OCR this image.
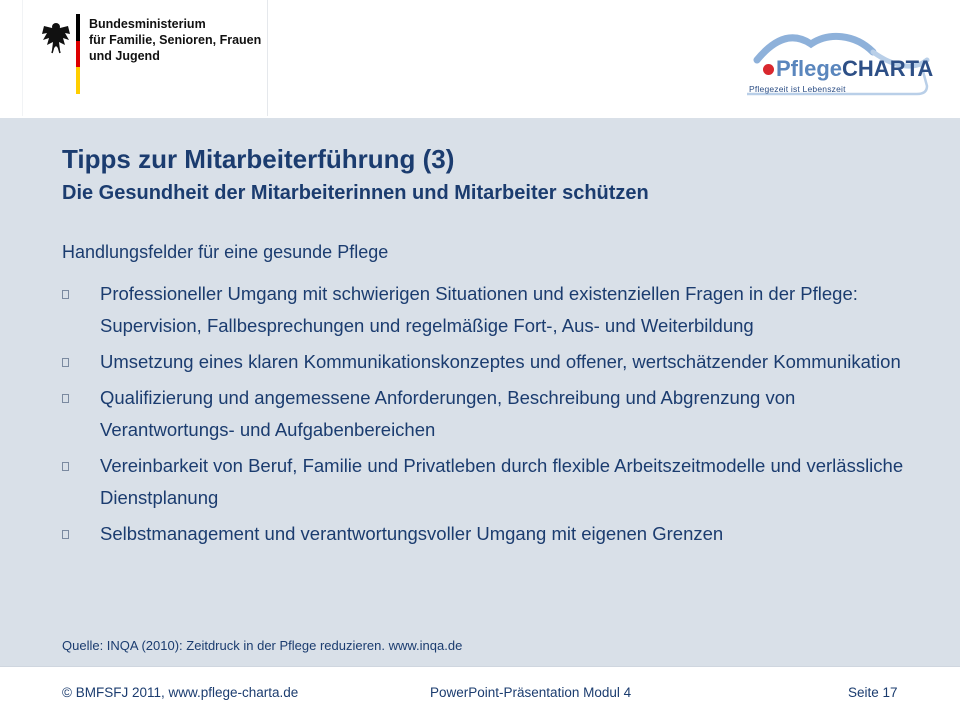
Bundesministerium
für Familie, Senioren, Frauen
und Jugend	PflegeCHARTA
Pflegezeit ist Lebenszeit
Tipps zur Mitarbeiterführung (3)
Die Gesundheit der Mitarbeiterinnen und Mitarbeiter schützen
Handlungsfelder für eine gesunde Pflege
Professioneller Umgang mit schwierigen Situationen und existenziellen Fragen in der Pflege: Supervision, Fallbesprechungen und regelmäßige Fort-, Aus- und Weiterbildung
Umsetzung eines klaren Kommunikationskonzeptes und offener, wertschätzender Kommunikation
Qualifizierung und angemessene Anforderungen, Beschreibung und Abgrenzung von Verantwortungs- und Aufgabenbereichen
Vereinbarkeit von Beruf, Familie und Privatleben durch flexible Arbeitszeitmodelle und verlässliche Dienstplanung
Selbstmanagement und verantwortungsvoller Umgang mit eigenen Grenzen
Quelle: INQA (2010): Zeitdruck in der Pflege reduzieren. www.inqa.de
© BMFSFJ 2011, www.pflege-charta.de	PowerPoint-Präsentation Modul 4	Seite 17
